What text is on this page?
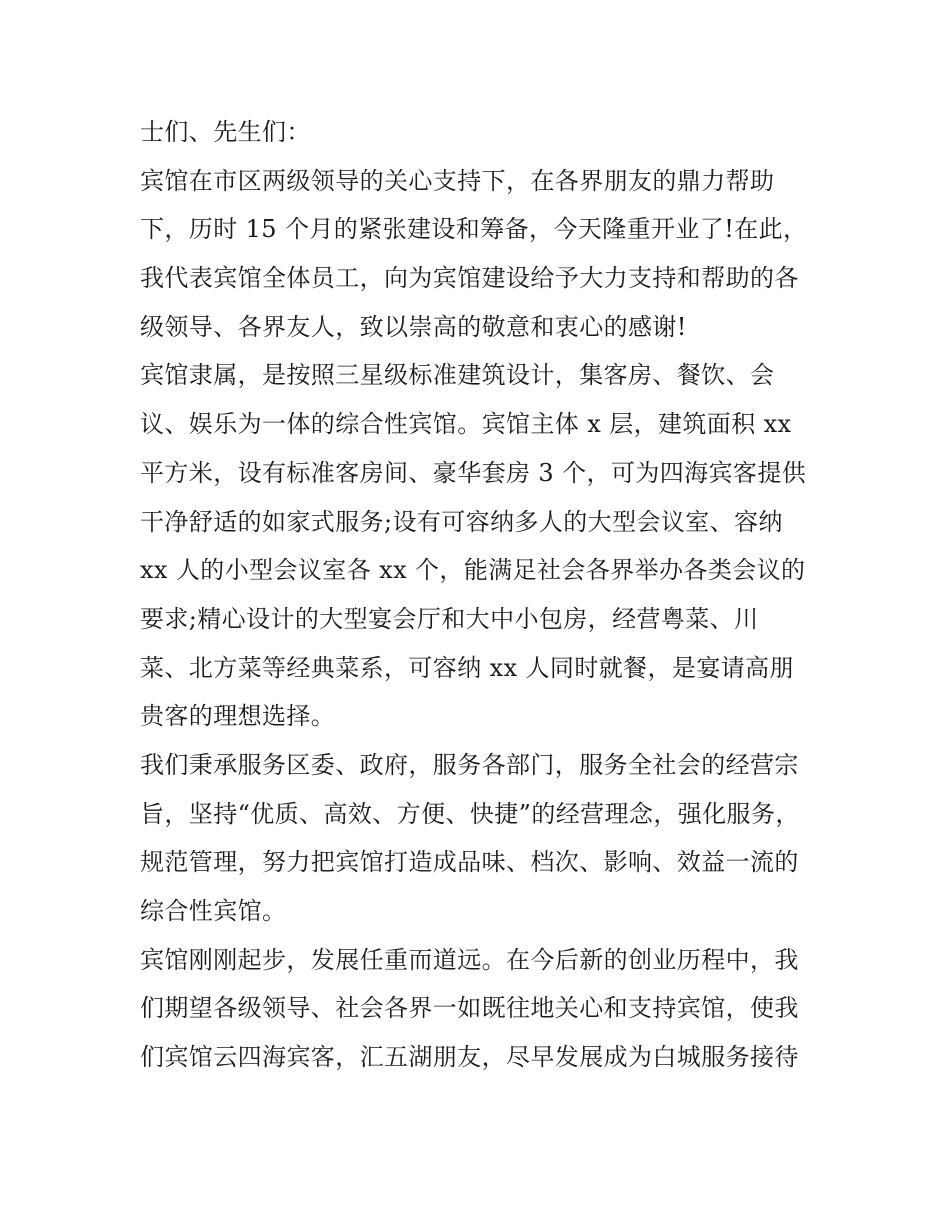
士们、先生们：
宾馆在市区两级领导的关心支持下，在各界朋友的鼎力帮助
下，历时 15 个月的紧张建设和筹备，今天隆重开业了!在此，
我代表宾馆全体员工，向为宾馆建设给予大力支持和帮助的各
级领导、各界友人，致以崇高的敬意和衷心的感谢!
宾馆隶属，是按照三星级标准建筑设计，集客房、餐饮、会
议、娱乐为一体的综合性宾馆。宾馆主体 x 层，建筑面积 xx
平方米，设有标准客房间、豪华套房 3 个，可为四海宾客提供
干净舒适的如家式服务;设有可容纳多人的大型会议室、容纳
xx 人的小型会议室各 xx 个，能满足社会各界举办各类会议的
要求;精心设计的大型宴会厅和大中小包房，经营粤菜、川
菜、北方菜等经典菜系，可容纳 xx 人同时就餐，是宴请高朋
贵客的理想选择。
我们秉承服务区委、政府，服务各部门，服务全社会的经营宗
旨，坚持“优质、高效、方便、快捷”的经营理念，强化服务，
规范管理，努力把宾馆打造成品味、档次、影响、效益一流的
综合性宾馆。
宾馆刚刚起步，发展任重而道远。在今后新的创业历程中，我
们期望各级领导、社会各界一如既往地关心和支持宾馆，使我
们宾馆云四海宾客，汇五湖朋友，尽早发展成为白城服务接待
